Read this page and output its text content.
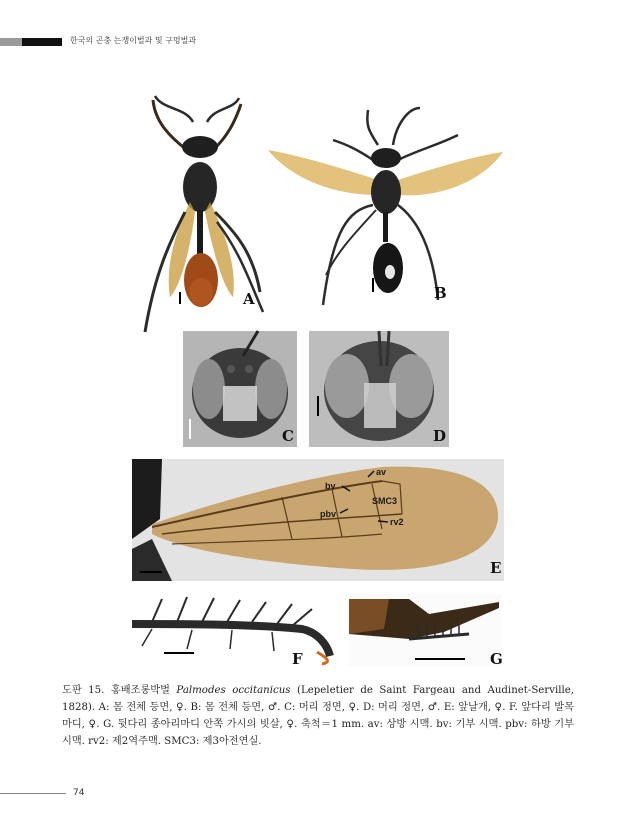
한국의 곤충 는쟁이벌과 및 구멍벌과
A	B
C	D
av
bv
SMC3
pbv
rv2
E
F	G
도판 15. 홍배조롱박벌 Palmodes occitanicus (Lepeletier de Saint Fargeau and Audinet-Serville, 1828). A: 몸 전체 등면, ♀. B: 몸 전체 등면, ♂. C: 머리 정면, ♀. D: 머리 정면, ♂. E: 앞날개, ♀. F. 앞다리 발목마디, ♀. G. 뒷다리 종아리마디 안쪽 가시의 빗살, ♀. 축척＝1 mm. av: 상방 시맥. bv: 기부 시맥. pbv: 하방 기부 시맥. rv2: 제2역주맥. SMC3: 제3아전연실.
74
